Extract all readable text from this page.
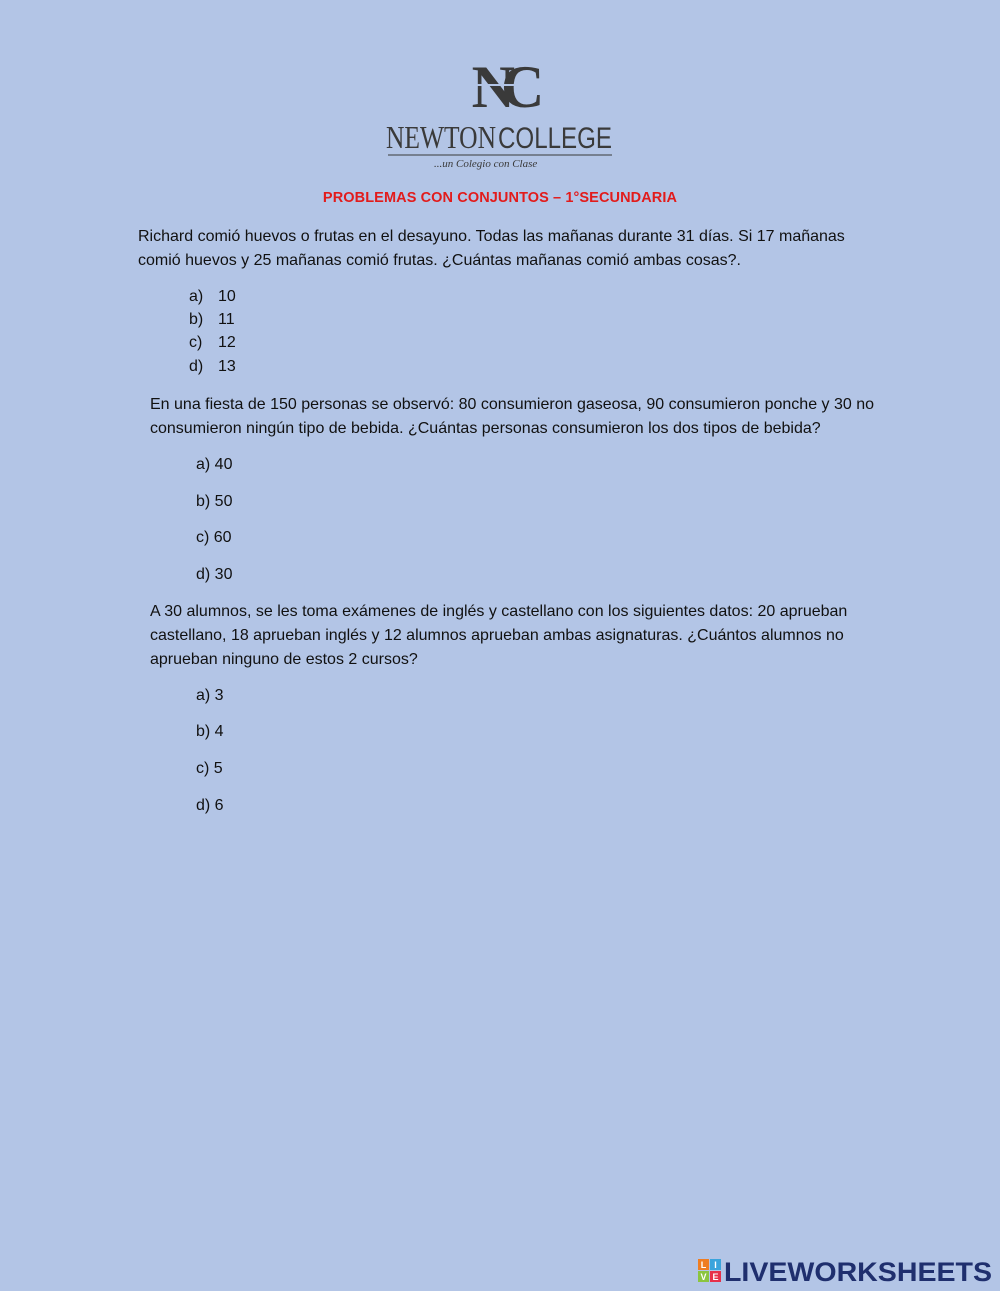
NC
NEWTON COLLEGE
...un Colegio con Clase
PROBLEMAS CON CONJUNTOS – 1°SECUNDARIA
Richard comió huevos o frutas en el desayuno. Todas las mañanas durante 31 días. Si 17 mañanas comió huevos y 25 mañanas comió frutas. ¿Cuántas mañanas comió ambas cosas?.
a) 10
b) 11
c) 12
d) 13
En una fiesta de 150 personas se observó: 80 consumieron gaseosa, 90 consumieron ponche y 30 no consumieron ningún tipo de bebida. ¿Cuántas personas consumieron los dos tipos de bebida?
a) 40
b) 50
c) 60
d) 30
A 30 alumnos, se les toma exámenes de inglés y castellano con los siguientes datos: 20 aprueban castellano, 18 aprueban inglés y 12 alumnos aprueban ambas asignaturas. ¿Cuántos alumnos no aprueban ninguno de estos 2 cursos?
a) 3
b) 4
c) 5
d) 6
L I
V E LIVEWORKSHEETS
